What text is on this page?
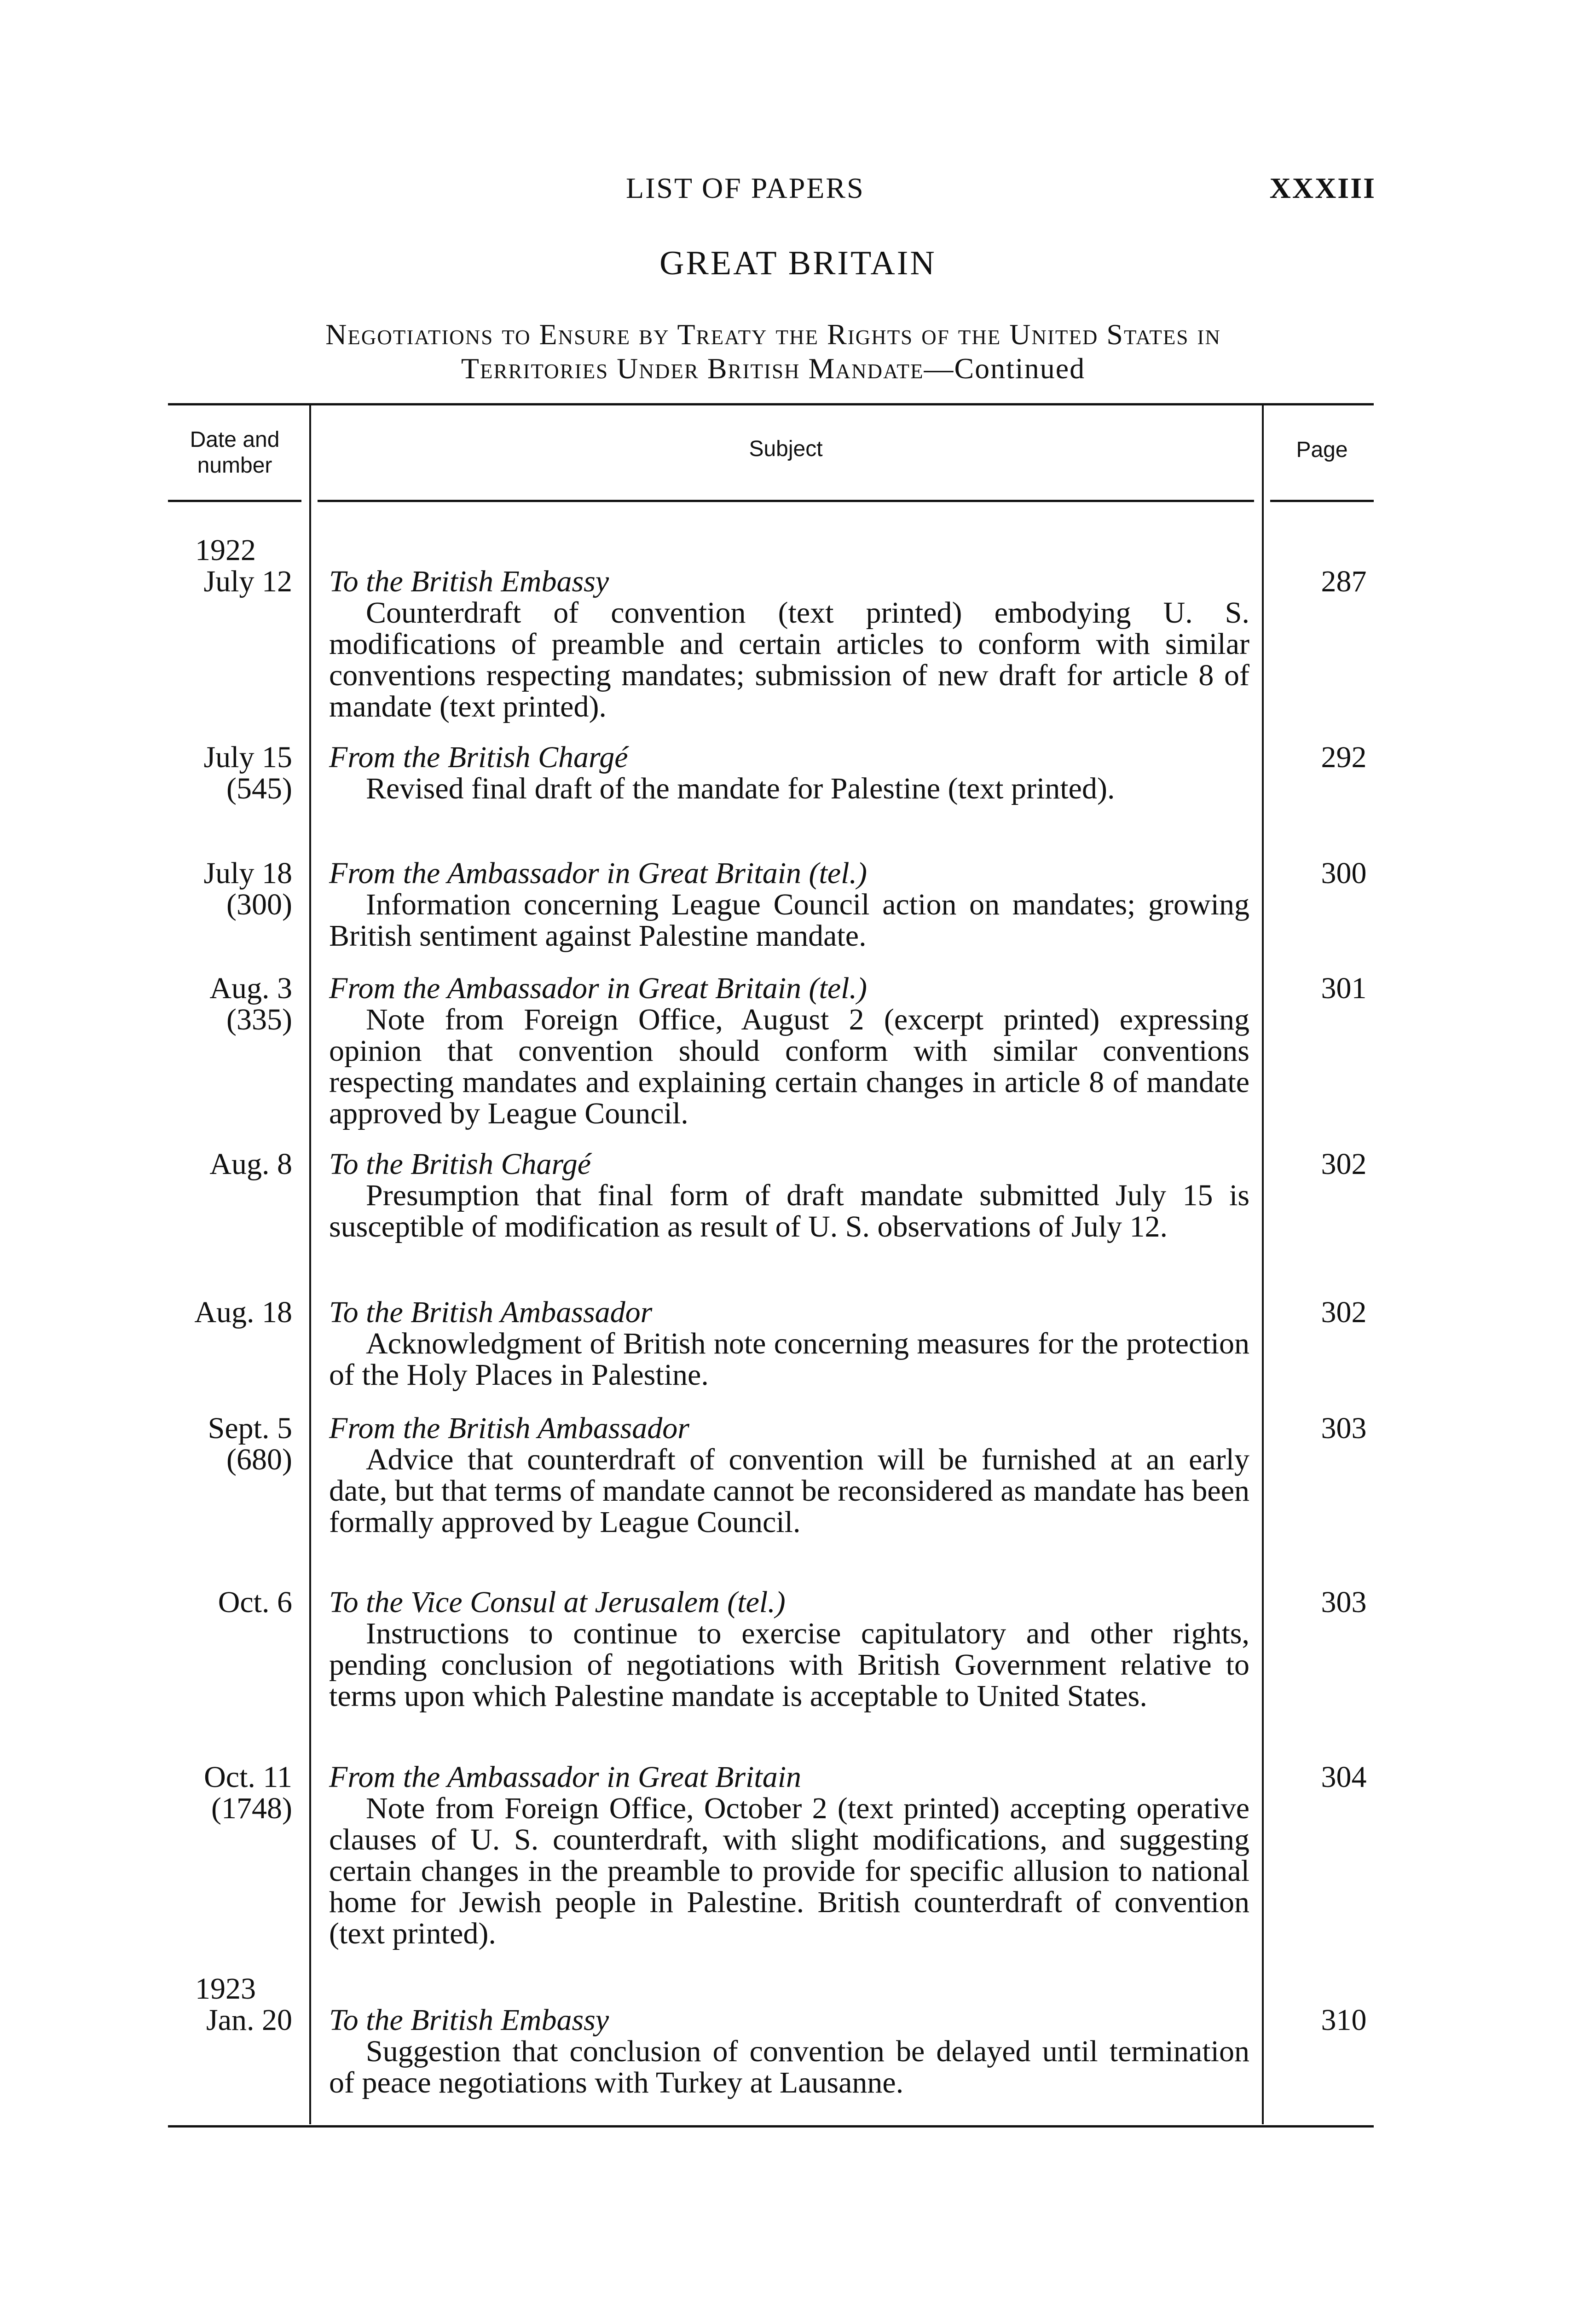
LIST OF PAPERS	XXXIII
GREAT BRITAIN
Negotiations to Ensure by Treaty the Rights of the United States in
Territories Under British Mandate—Continued
Date and
number
Subject	Page
1922
1923
July 12 To the British Embassy
Counterdraft of convention (text printed) embodying U. S. modifications of preamble and certain articles to conform with similar conventions respecting mandates; submission of new draft for article 8 of mandate (text printed).
287
July 15
(545)
From the British Chargé
Revised final draft of the mandate for Palestine (text printed).
292
July 18
(300)
From the Ambassador in Great Britain (tel.)
Information concerning League Council action on mandates; growing British sentiment against Palestine mandate.
300
Aug. 3
(335)
From the Ambassador in Great Britain (tel.)
Note from Foreign Office, August 2 (excerpt printed) expressing opinion that convention should conform with similar conventions respecting mandates and explaining certain changes in article 8 of mandate approved by League Council.
301
Aug. 8 To the British Chargé
Presumption that final form of draft mandate submitted July 15 is susceptible of modification as result of U. S. observations of July 12.
302
Aug. 18 To the British Ambassador
Acknowledgment of British note concerning measures for the protection of the Holy Places in Palestine.
302
Sept. 5
(680)
From the British Ambassador
Advice that counterdraft of convention will be furnished at an early date, but that terms of mandate cannot be reconsidered as mandate has been formally approved by League Council.
303
Oct. 6 To the Vice Consul at Jerusalem (tel.)
Instructions to continue to exercise capitulatory and other rights, pending conclusion of negotiations with British Government relative to terms upon which Palestine mandate is acceptable to United States.
303
Oct. 11
(1748)
From the Ambassador in Great Britain
Note from Foreign Office, October 2 (text printed) accepting operative clauses of U. S. counterdraft, with slight modifications, and suggesting certain changes in the preamble to provide for specific allusion to national home for Jewish people in Palestine. British counterdraft of convention (text printed).
304
Jan. 20 To the British Embassy
Suggestion that conclusion of convention be delayed until termination of peace negotiations with Turkey at Lausanne.
310
